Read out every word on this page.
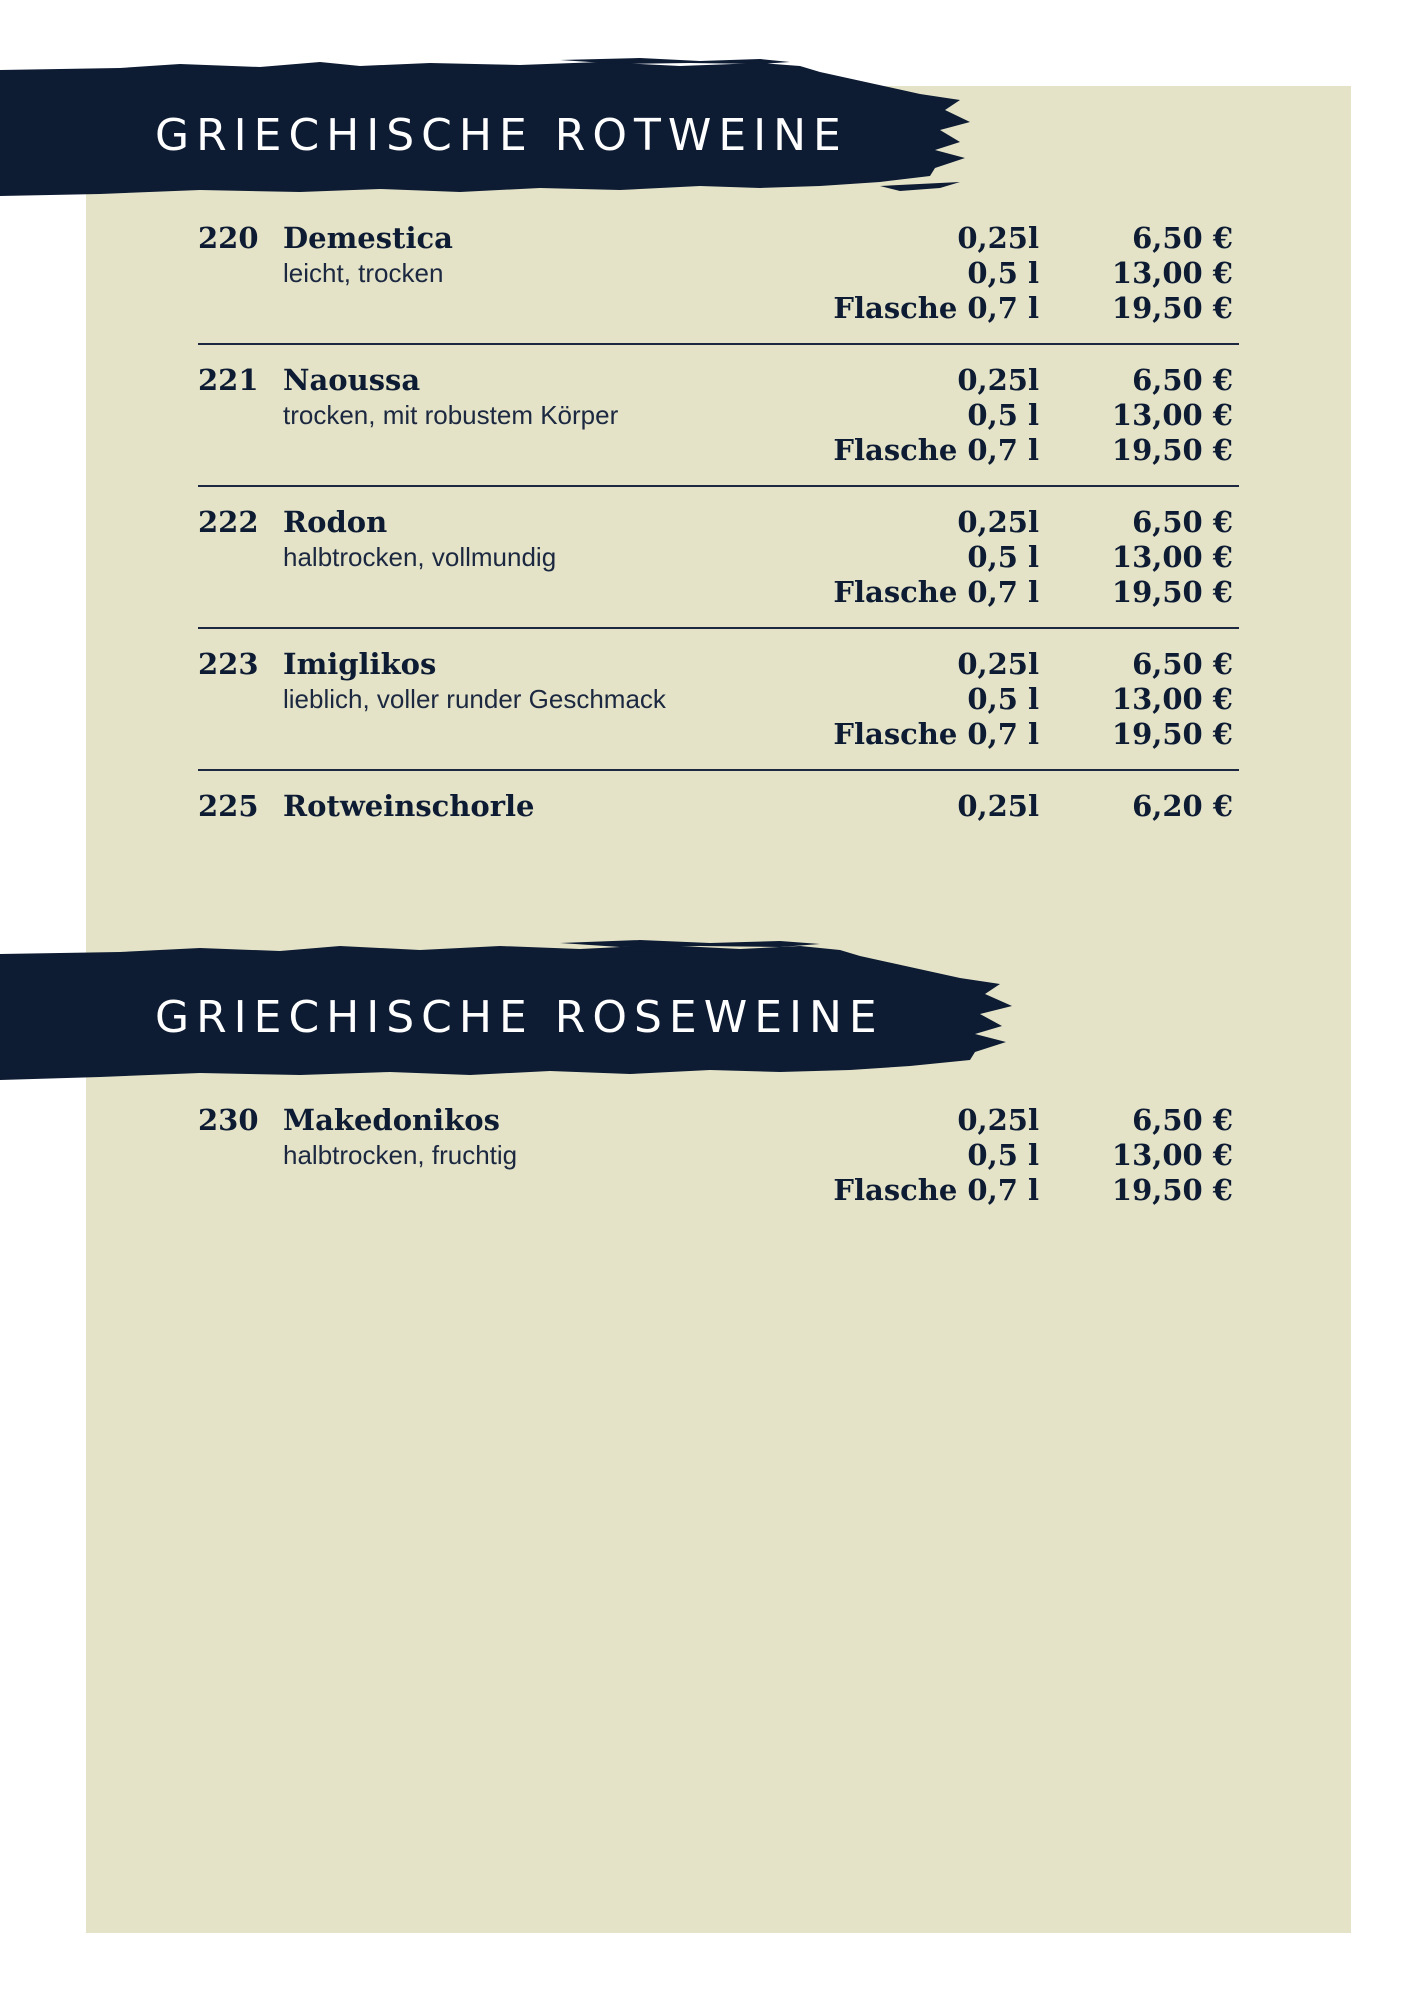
GRIECHISCHE ROTWEINE
220 Demestica
leicht, trocken
0,25l	6,50 €
0,5 l	13,00 €
Flasche 0,7 l	19,50 €
221 Naoussa
trocken, mit robustem Körper
0,25l	6,50 €
0,5 l	13,00 €
Flasche 0,7 l	19,50 €
222 Rodon
halbtrocken, vollmundig
0,25l	6,50 €
0,5 l	13,00 €
Flasche 0,7 l	19,50 €
223 Imiglikos
lieblich, voller runder Geschmack
0,25l	6,50 €
0,5 l	13,00 €
Flasche 0,7 l	19,50 €
225 Rotweinschorle	0,25l	6,20 €
GRIECHISCHE ROSEWEINE
230 Makedonikos
halbtrocken, fruchtig
0,25l	6,50 €
0,5 l	13,00 €
Flasche 0,7 l	19,50 €
